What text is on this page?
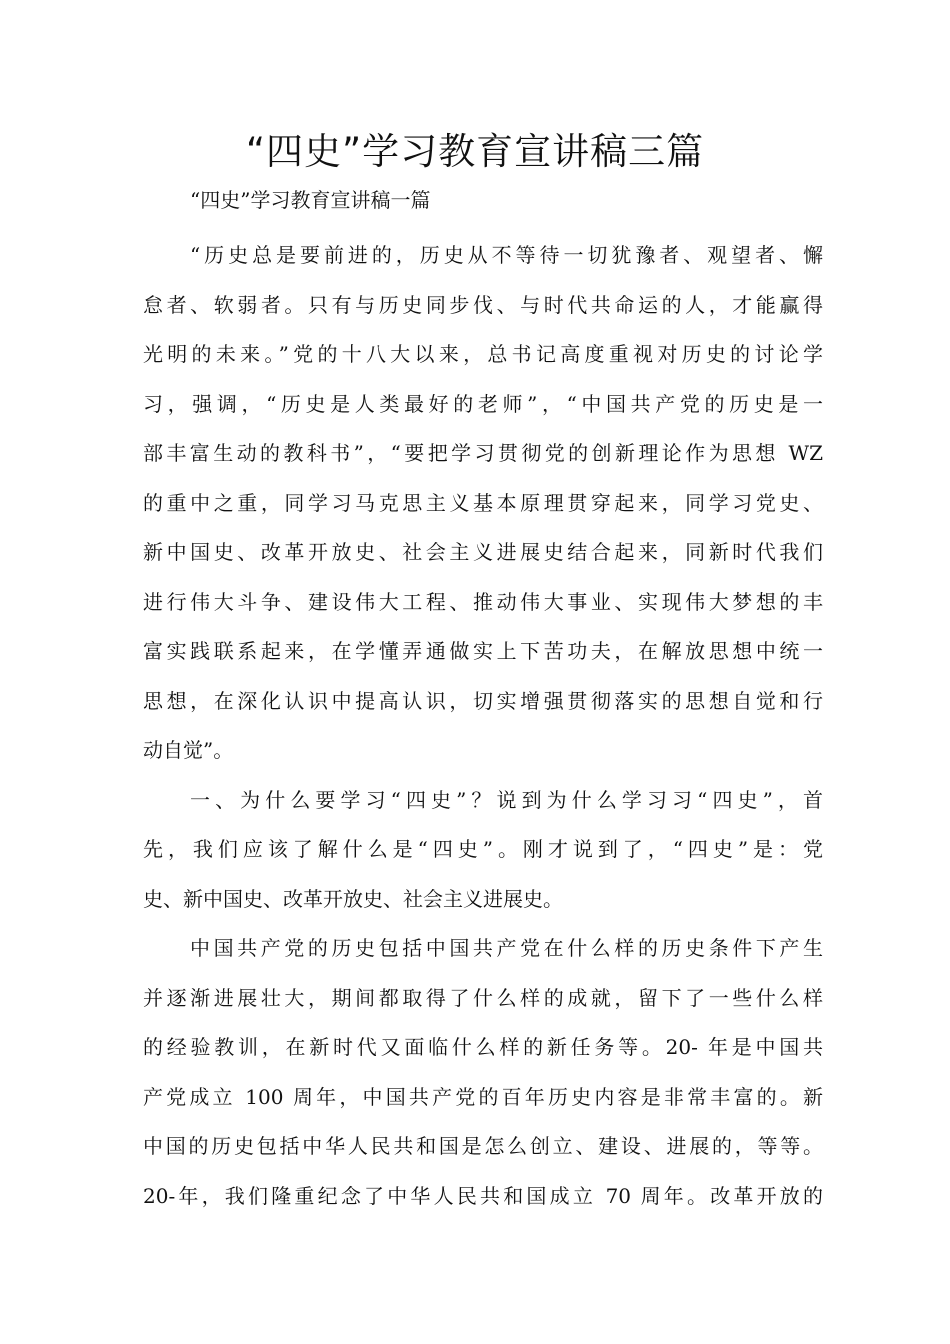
“四史”学习教育宣讲稿三篇

“四史”学习教育宣讲稿一篇

“历史总是要前进的，历史从不等待一切犹豫者、观望者、懈
怠者、软弱者。只有与历史同步伐、与时代共命运的人，才能赢得
光明的未来。”党的十八大以来，总书记高度重视对历史的讨论学
习，强调，“历史是人类最好的老师”，“中国共产党的历史是一
部丰富生动的教科书”，“要把学习贯彻党的创新理论作为思想 WZ
的重中之重，同学习马克思主义基本原理贯穿起来，同学习党史、
新中国史、改革开放史、社会主义进展史结合起来，同新时代我们
进行伟大斗争、建设伟大工程、推动伟大事业、实现伟大梦想的丰
富实践联系起来，在学懂弄通做实上下苦功夫，在解放思想中统一
思想，在深化认识中提高认识，切实增强贯彻落实的思想自觉和行
动自觉”。
一、为什么要学习“四史”？说到为什么学习习“四史”，首
先，我们应该了解什么是“四史”。刚才说到了，“四史”是：党
史、新中国史、改革开放史、社会主义进展史。
中国共产党的历史包括中国共产党在什么样的历史条件下产生
并逐渐进展壮大，期间都取得了什么样的成就，留下了一些什么样
的经验教训，在新时代又面临什么样的新任务等。20- 年是中国共
产党成立 100 周年，中国共产党的百年历史内容是非常丰富的。新
中国的历史包括中华人民共和国是怎么创立、建设、进展的，等等。
20-年，我们隆重纪念了中华人民共和国成立 70 周年。改革开放的
